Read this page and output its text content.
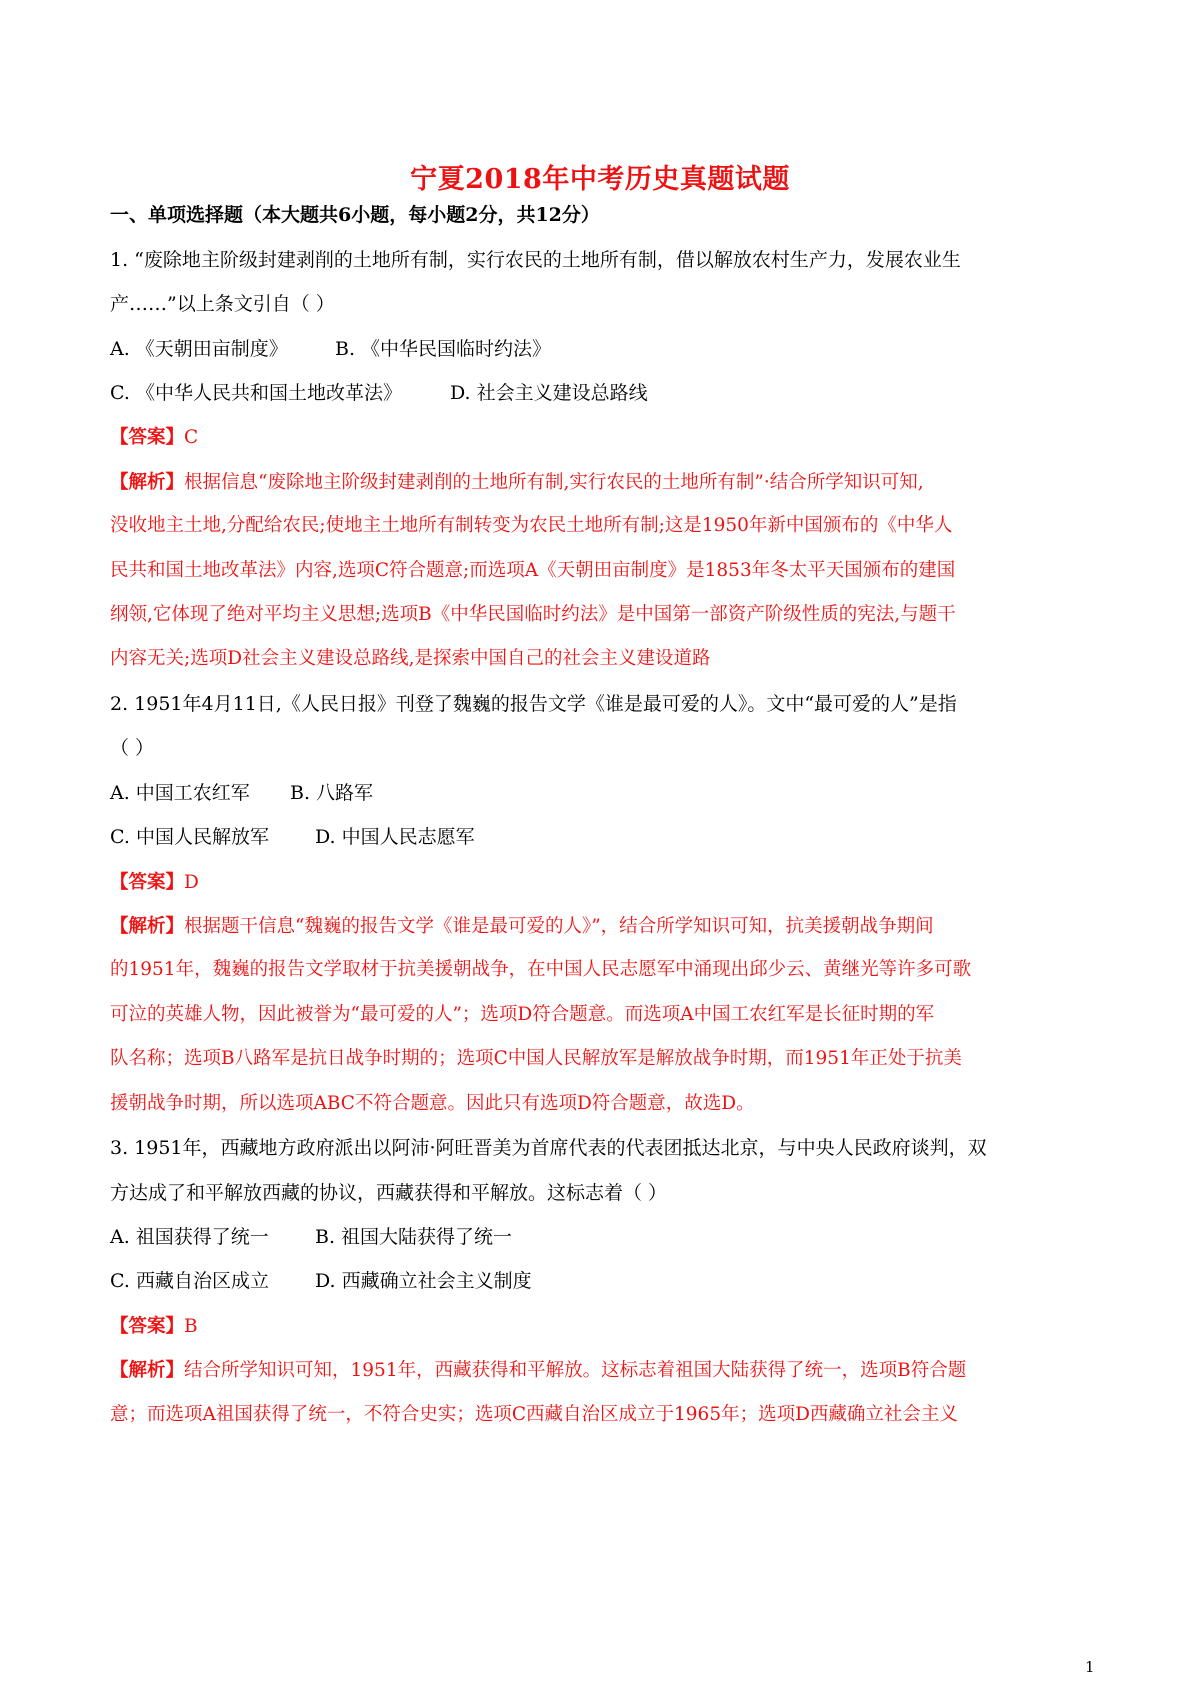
宁夏2018年中考历史真题试题
一、单项选择题（本大题共6小题，每小题2分，共12分）
1. “废除地主阶级封建剥削的土地所有制，实行农民的土地所有制，借以解放农村生产力，发展农业生
产……”以上条文引自（ ）
A. 《天朝田亩制度》 B. 《中华民国临时约法》
C. 《中华人民共和国土地改革法》	D. 社会主义建设总路线
【答案】C
【解析】根据信息“废除地主阶级封建剥削的土地所有制,实行农民的土地所有制”·结合所学知识可知,
没收地主土地,分配给农民;使地主土地所有制转变为农民土地所有制;这是1950年新中国颁布的《中华人
民共和国土地改革法》内容,选项C符合题意;而选项A《天朝田亩制度》是1853年冬太平天国颁布的建国
纲领,它体现了绝对平均主义思想;选项B《中华民国临时约法》是中国第一部资产阶级性质的宪法,与题干
内容无关;选项D社会主义建设总路线,是探索中国自己的社会主义建设道路
2. 1951年4月11日,《人民日报》刊登了魏巍的报告文学《谁是最可爱的人》。文中“最可爱的人”是指
（ ）
A. 中国工农红军 B. 八路军
C. 中国人民解放军 D. 中国人民志愿军
【答案】D
【解析】根据题干信息“魏巍的报告文学《谁是最可爱的人》”，结合所学知识可知，抗美援朝战争期间
的1951年，魏巍的报告文学取材于抗美援朝战争，在中国人民志愿军中涌现出邱少云、黄继光等许多可歌
可泣的英雄人物，因此被誉为“最可爱的人”；选项D符合题意。而选项A中国工农红军是长征时期的军
队名称；选项B八路军是抗日战争时期的；选项C中国人民解放军是解放战争时期，而1951年正处于抗美
援朝战争时期，所以选项ABC不符合题意。因此只有选项D符合题意，故选D。
3. 1951年，西藏地方政府派出以阿沛·阿旺晋美为首席代表的代表团抵达北京，与中央人民政府谈判，双
方达成了和平解放西藏的协议，西藏获得和平解放。这标志着（ ）
A. 祖国获得了统一 B. 祖国大陆获得了统一
C. 西藏自治区成立 D. 西藏确立社会主义制度
【答案】B
【解析】结合所学知识可知，1951年，西藏获得和平解放。这标志着祖国大陆获得了统一，选项B符合题
意；而选项A祖国获得了统一，不符合史实；选项C西藏自治区成立于1965年；选项D西藏确立社会主义
1
